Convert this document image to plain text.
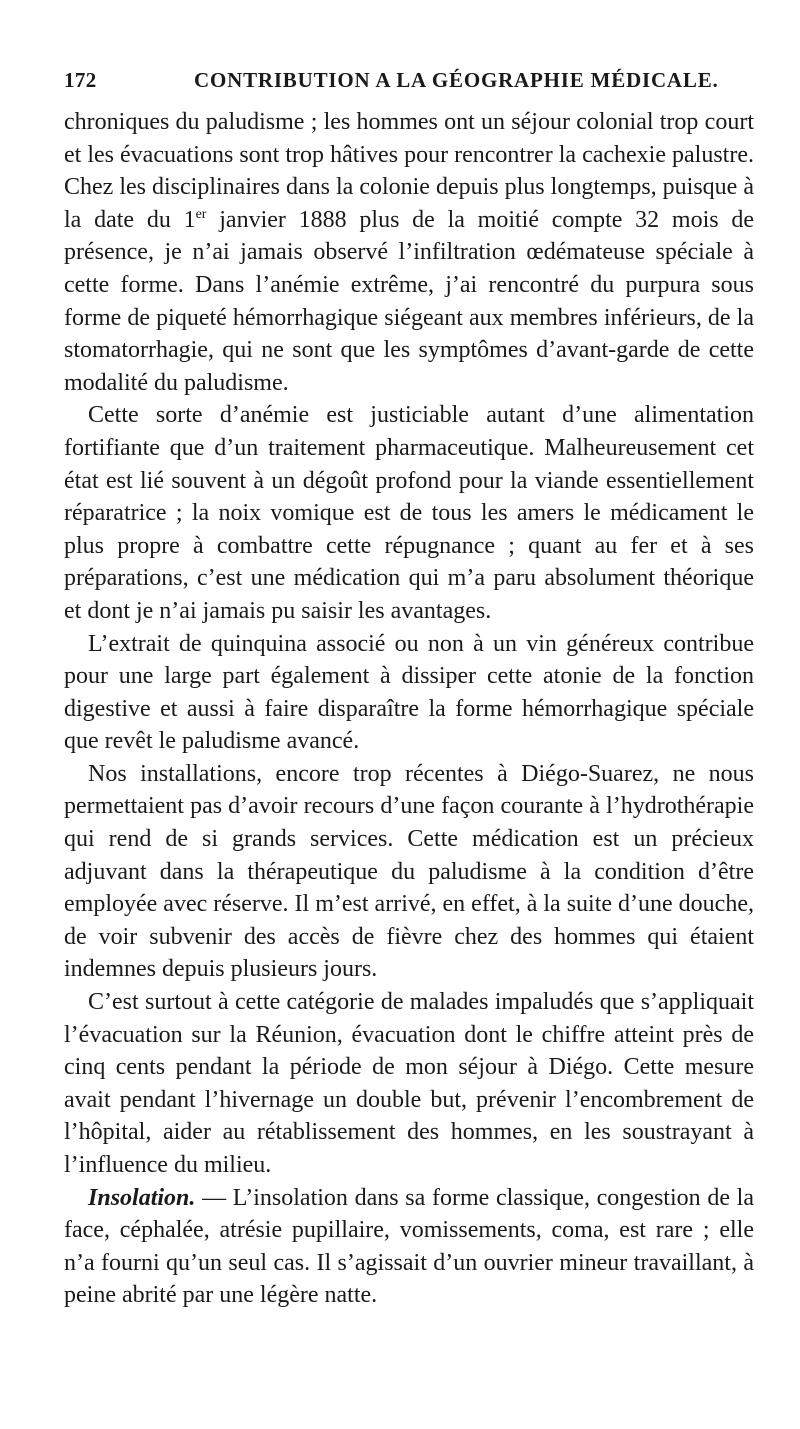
172	CONTRIBUTION A LA GÉOGRAPHIE MÉDICALE.

chroniques du paludisme ; les hommes ont un séjour colonial trop court et les évacuations sont trop hâtives pour rencontrer la cachexie palustre. Chez les disciplinaires dans la colonie depuis plus longtemps, puisque à la date du 1er janvier 1888 plus de la moitié compte 32 mois de présence, je n’ai jamais observé l’infiltration œdémateuse spéciale à cette forme. Dans l’anémie extrême, j’ai rencontré du purpura sous forme de piqueté hémorrhagique siégeant aux membres inférieurs, de la stomatorrhagie, qui ne sont que les symptômes d’avant-garde de cette modalité du paludisme.

Cette sorte d’anémie est justiciable autant d’une alimentation fortifiante que d’un traitement pharmaceutique. Malheureusement cet état est lié souvent à un dégoût profond pour la viande essentiellement réparatrice ; la noix vomique est de tous les amers le médicament le plus propre à combattre cette répugnance ; quant au fer et à ses préparations, c’est une médication qui m’a paru absolument théorique et dont je n’ai jamais pu saisir les avantages.

L’extrait de quinquina associé ou non à un vin généreux contribue pour une large part également à dissiper cette atonie de la fonction digestive et aussi à faire disparaître la forme hémorrhagique spéciale que revêt le paludisme avancé.

Nos installations, encore trop récentes à Diégo-Suarez, ne nous permettaient pas d’avoir recours d’une façon courante à l’hydrothérapie qui rend de si grands services. Cette médication est un précieux adjuvant dans la thérapeutique du paludisme à la condition d’être employée avec réserve. Il m’est arrivé, en effet, à la suite d’une douche, de voir subvenir des accès de fièvre chez des hommes qui étaient indemnes depuis plusieurs jours.

C’est surtout à cette catégorie de malades impaludés que s’appliquait l’évacuation sur la Réunion, évacuation dont le chiffre atteint près de cinq cents pendant la période de mon séjour à Diégo. Cette mesure avait pendant l’hivernage un double but, prévenir l’encombrement de l’hôpital, aider au rétablissement des hommes, en les soustrayant à l’influence du milieu.

Insolation. — L’insolation dans sa forme classique, congestion de la face, céphalée, atrésie pupillaire, vomissements, coma, est rare ; elle n’a fourni qu’un seul cas. Il s’agissait d’un ouvrier mineur travaillant, à peine abrité par une légère natte.
